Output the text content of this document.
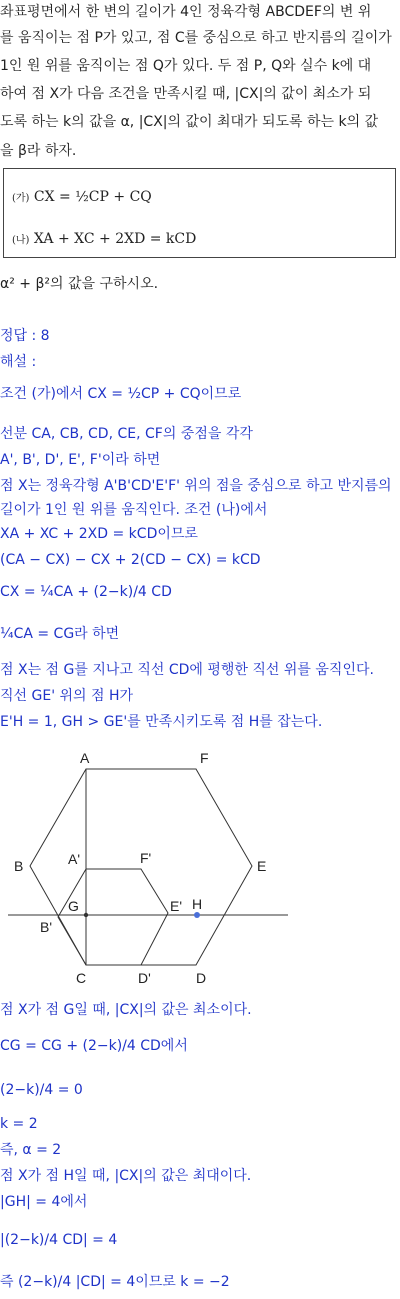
좌표평면에서 한 변의 길이가 4인 정육각형 ABCDEF의 변 위
를 움직이는 점 P가 있고, 점 C를 중심으로 하고 반지름의 길이가
1인 원 위를 움직이는 점 Q가 있다. 두 점 P, Q와 실수 k에 대
하여 점 X가 다음 조건을 만족시킬 때, |CX|의 값이 최소가 되
도록 하는 k의 값을 α, |CX|의 값이 최대가 되도록 하는 k의 값
을 β라 하자.
(가) CX = ½CP + CQ
(나) XA + XC + 2XD = kCD
α² + β²의 값을 구하시오.
정답 : 8
해설 :
조건 (가)에서 CX = ½CP + CQ이므로
선분 CA, CB, CD, CE, CF의 중점을 각각
A', B', D', E', F'이라 하면
점 X는 정육각형 A'B'CD'E'F' 위의 점을 중심으로 하고 반지름의
길이가 1인 원 위를 움직인다. 조건 (나)에서
XA + XC + 2XD = kCD이므로
(CA − CX) − CX + 2(CD − CX) = kCD
CX = ¼CA + (2−k)/4 CD
¼CA = CG라 하면
점 X는 점 G를 지나고 직선 CD에 평행한 직선 위를 움직인다.
직선 GE' 위의 점 H가
E'H = 1, GH > GE'를 만족시키도록 점 H를 잡는다.
A	F
B	E
A'	F'
G	E' H
B'
C	D'	D
점 X가 점 G일 때, |CX|의 값은 최소이다.
CG = CG + (2−k)/4 CD에서
(2−k)/4 = 0
k = 2
즉, α = 2
점 X가 점 H일 때, |CX|의 값은 최대이다.
|GH| = 4에서
|(2−k)/4 CD| = 4
즉 (2−k)/4 |CD| = 4이므로 k = −2
